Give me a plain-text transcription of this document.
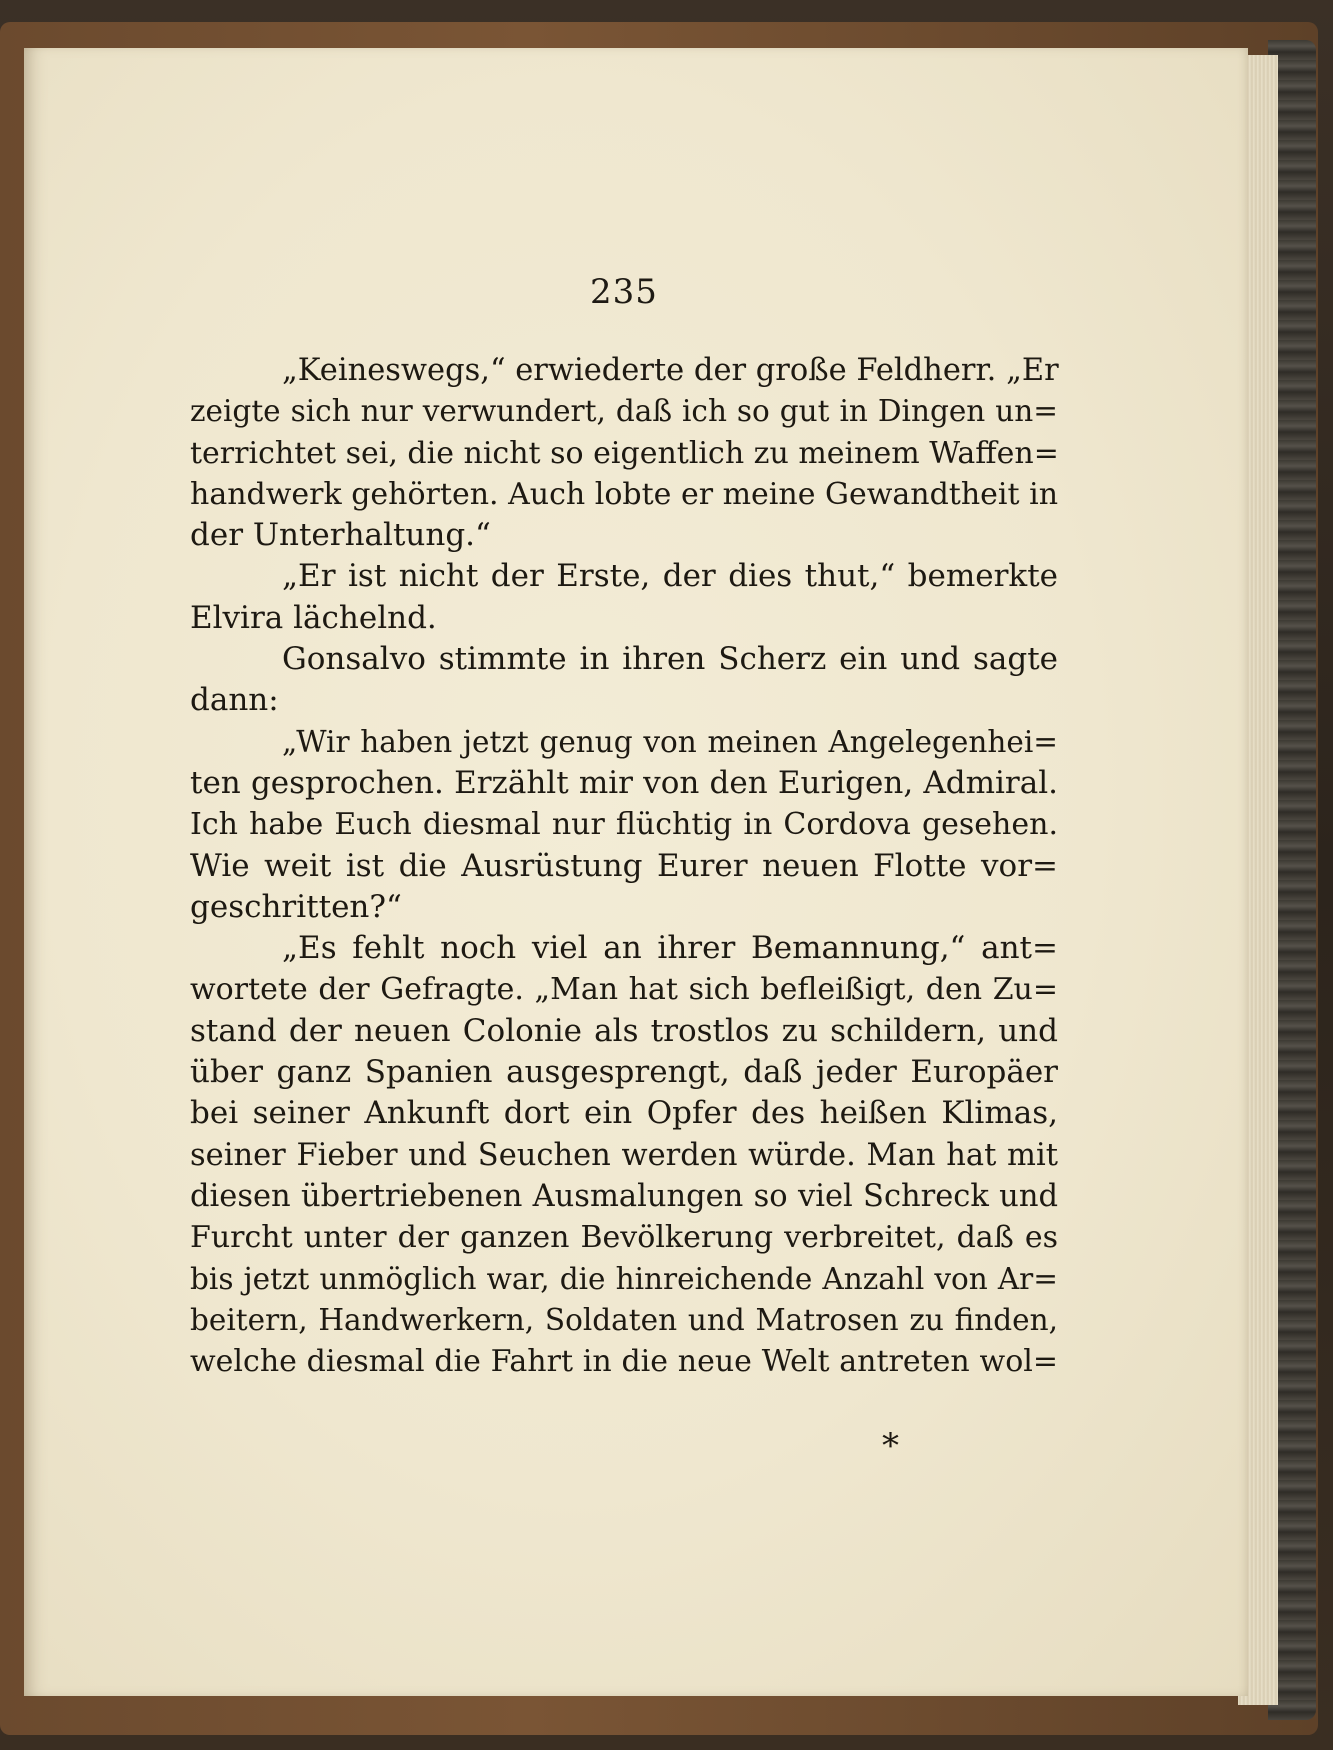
235
„Keineswegs,“ erwiederte der große Feldherr. „Er
zeigte sich nur verwundert, daß ich so gut in Dingen un=
terrichtet sei, die nicht so eigentlich zu meinem Waffen=
handwerk gehörten. Auch lobte er meine Gewandtheit in
der Unterhaltung.“
„Er ist nicht der Erste, der dies thut,“ bemerkte
Elvira lächelnd.
Gonsalvo stimmte in ihren Scherz ein und sagte
dann:
„Wir haben jetzt genug von meinen Angelegenhei=
ten gesprochen. Erzählt mir von den Eurigen, Admiral.
Ich habe Euch diesmal nur flüchtig in Cordova gesehen.
Wie weit ist die Ausrüstung Eurer neuen Flotte vor=
geschritten?“
„Es fehlt noch viel an ihrer Bemannung,“ ant=
wortete der Gefragte. „Man hat sich befleißigt, den Zu=
stand der neuen Colonie als trostlos zu schildern, und
über ganz Spanien ausgesprengt, daß jeder Europäer
bei seiner Ankunft dort ein Opfer des heißen Klimas,
seiner Fieber und Seuchen werden würde. Man hat mit
diesen übertriebenen Ausmalungen so viel Schreck und
Furcht unter der ganzen Bevölkerung verbreitet, daß es
bis jetzt unmöglich war, die hinreichende Anzahl von Ar=
beitern, Handwerkern, Soldaten und Matrosen zu finden,
welche diesmal die Fahrt in die neue Welt antreten wol=
*
